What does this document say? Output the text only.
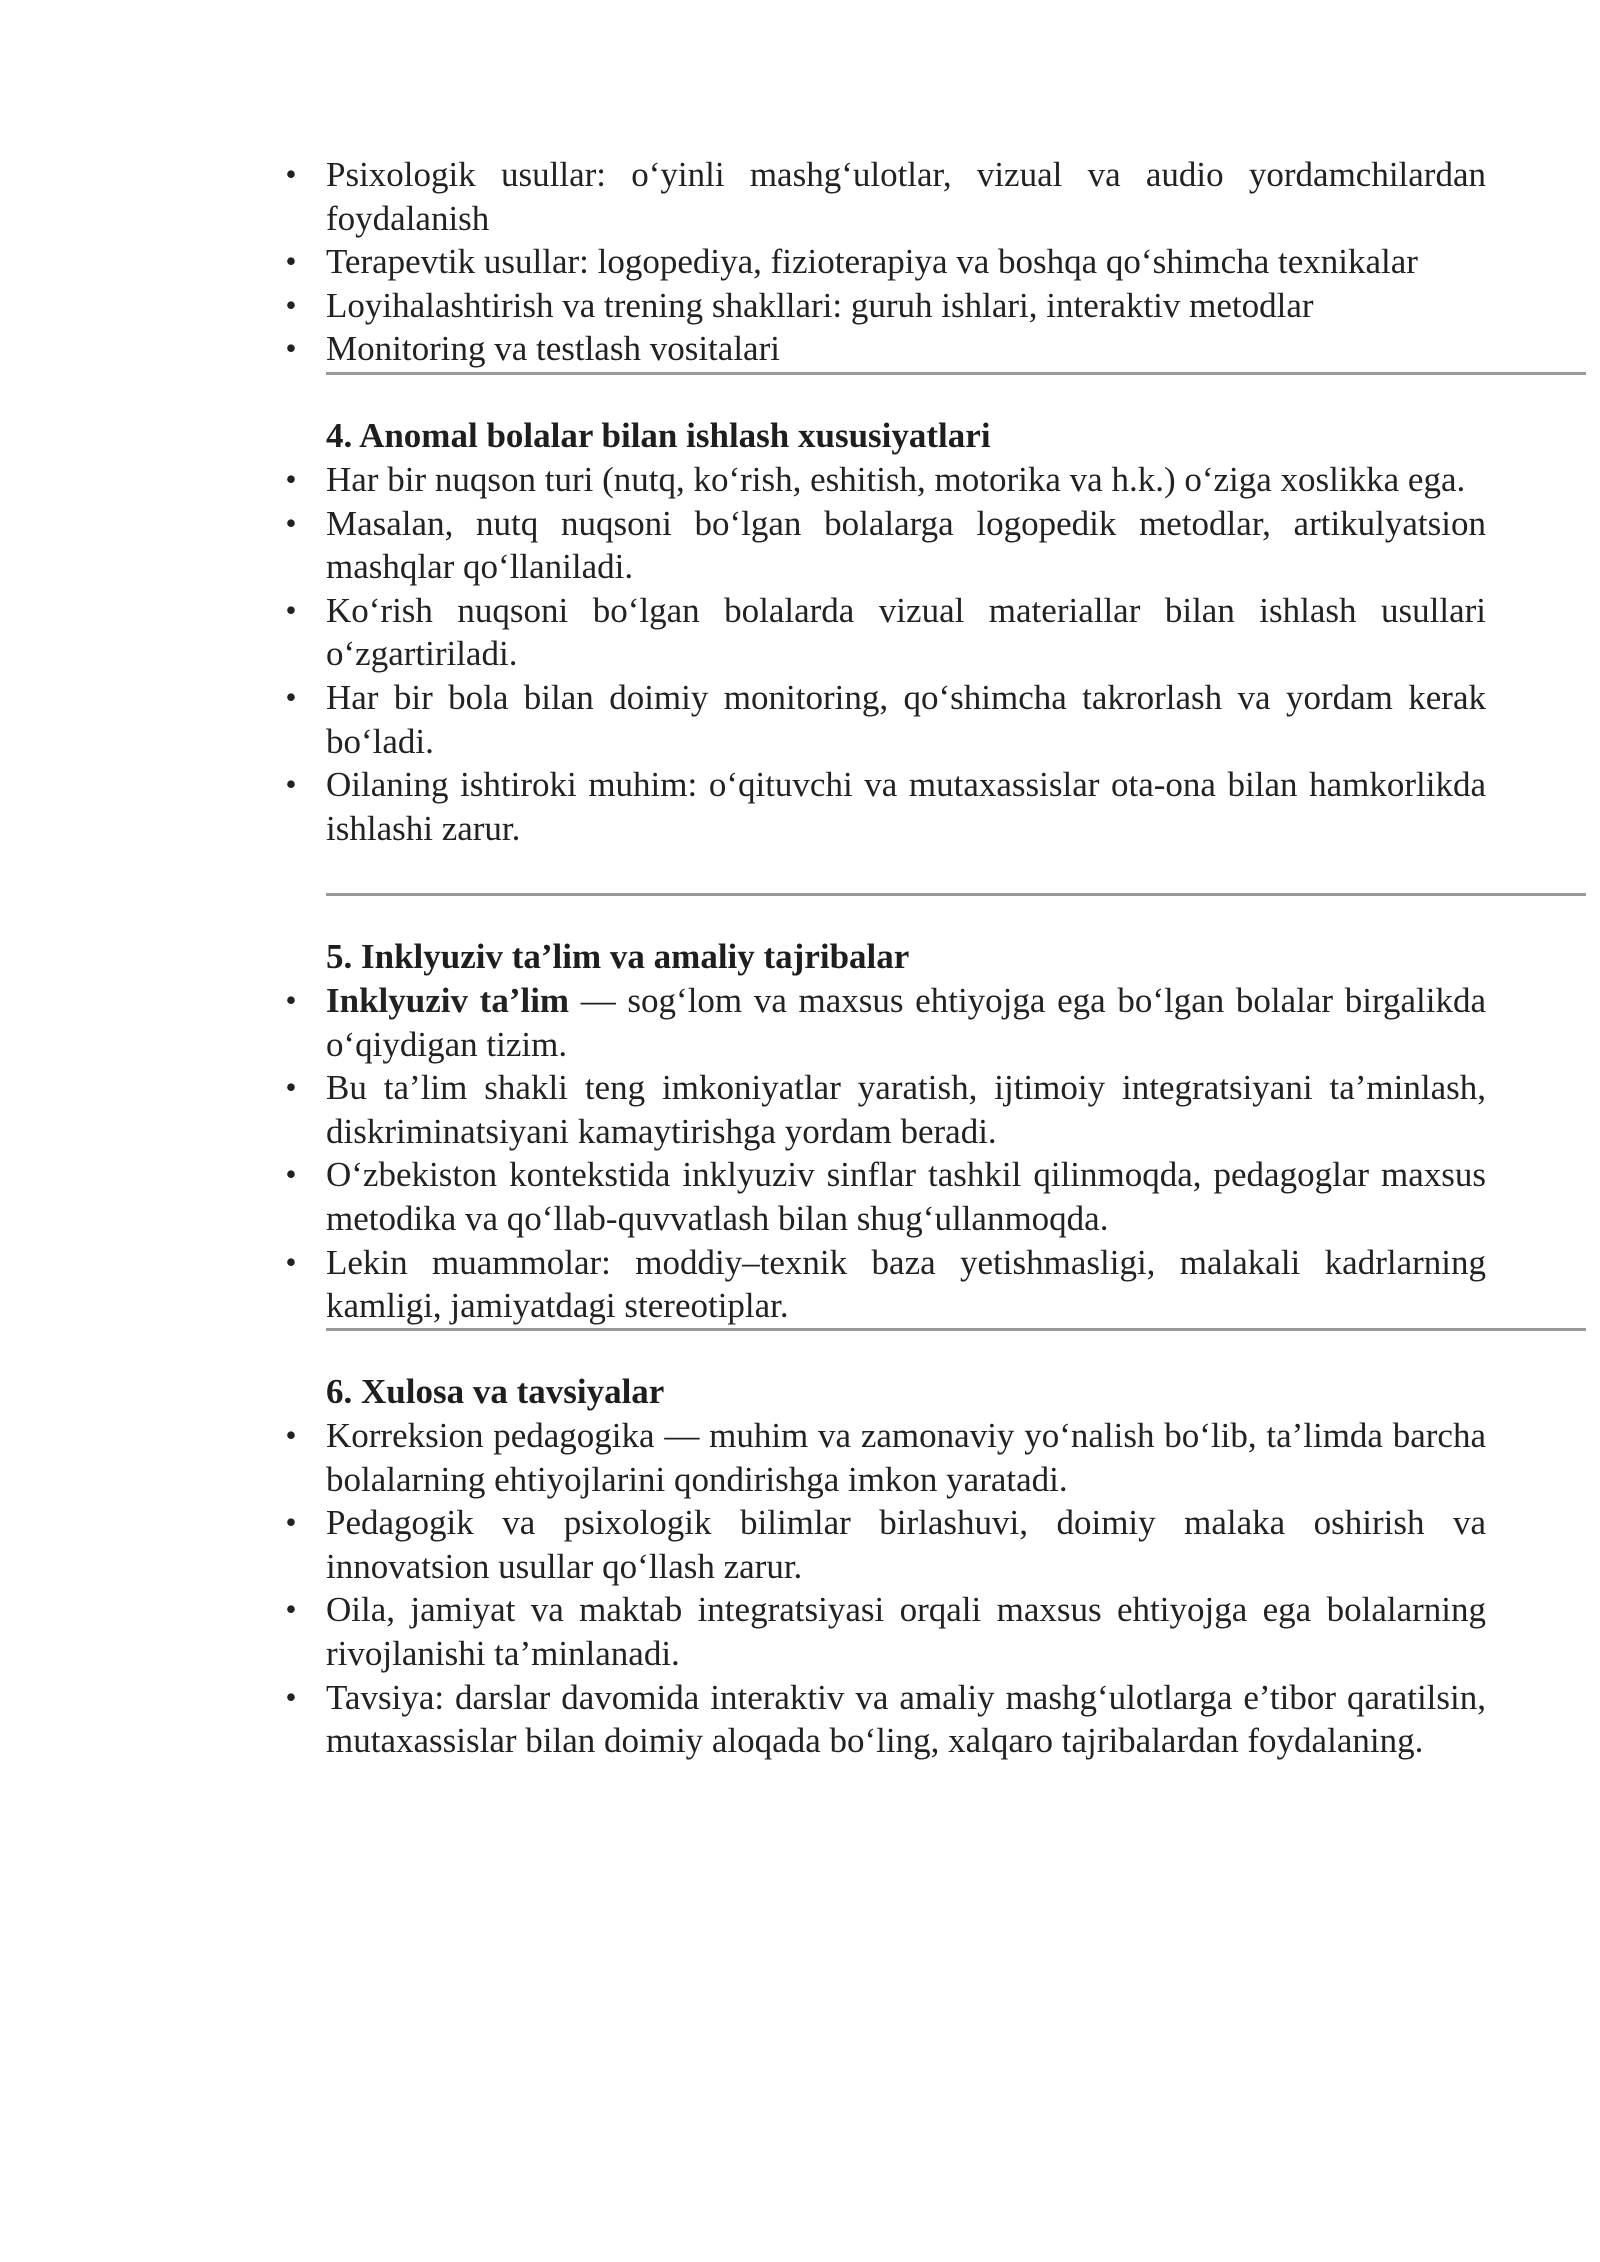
• Psixologik usullar: o‘yinli mashg‘ulotlar, vizual va audio yordamchilardan foydalanish
• Terapevtik usullar: logopediya, fizioterapiya va boshqa qo‘shimcha texnikalar
• Loyihalashtirish va trening shakllari: guruh ishlari, interaktiv metodlar
• Monitoring va testlash vositalari
4. Anomal bolalar bilan ishlash xususiyatlari
• Har bir nuqson turi (nutq, ko‘rish, eshitish, motorika va h.k.) o‘ziga xoslikka ega.
• Masalan, nutq nuqsoni bo‘lgan bolalarga logopedik metodlar, artikulyatsion mashqlar qo‘llaniladi.
• Ko‘rish nuqsoni bo‘lgan bolalarda vizual materiallar bilan ishlash usullari o‘zgartiriladi.
• Har bir bola bilan doimiy monitoring, qo‘shimcha takrorlash va yordam kerak bo‘ladi.
• Oilaning ishtiroki muhim: o‘qituvchi va mutaxassislar ota-ona bilan hamkorlikda ishlashi zarur.
5. Inklyuziv ta’lim va amaliy tajribalar
• Inklyuziv ta’lim — sog‘lom va maxsus ehtiyojga ega bo‘lgan bolalar birgalikda o‘qiydigan tizim.
• Bu ta’lim shakli teng imkoniyatlar yaratish, ijtimoiy integratsiyani ta’minlash, diskriminatsiyani kamaytirishga yordam beradi.
• O‘zbekiston kontekstida inklyuziv sinflar tashkil qilinmoqda, pedagoglar maxsus metodika va qo‘llab-quvvatlash bilan shug‘ullanmoqda.
• Lekin muammolar: moddiy–texnik baza yetishmasligi, malakali kadrlarning kamligi, jamiyatdagi stereotiplar.
6. Xulosa va tavsiyalar
• Korreksion pedagogika — muhim va zamonaviy yo‘nalish bo‘lib, ta’limda barcha bolalarning ehtiyojlarini qondirishga imkon yaratadi.
• Pedagogik va psixologik bilimlar birlashuvi, doimiy malaka oshirish va innovatsion usullar qo‘llash zarur.
• Oila, jamiyat va maktab integratsiyasi orqali maxsus ehtiyojga ega bolalarning rivojlanishi ta’minlanadi.
• Tavsiya: darslar davomida interaktiv va amaliy mashg‘ulotlarga e’tibor qaratilsin, mutaxassislar bilan doimiy aloqada bo‘ling, xalqaro tajribalardan foydalaning.
